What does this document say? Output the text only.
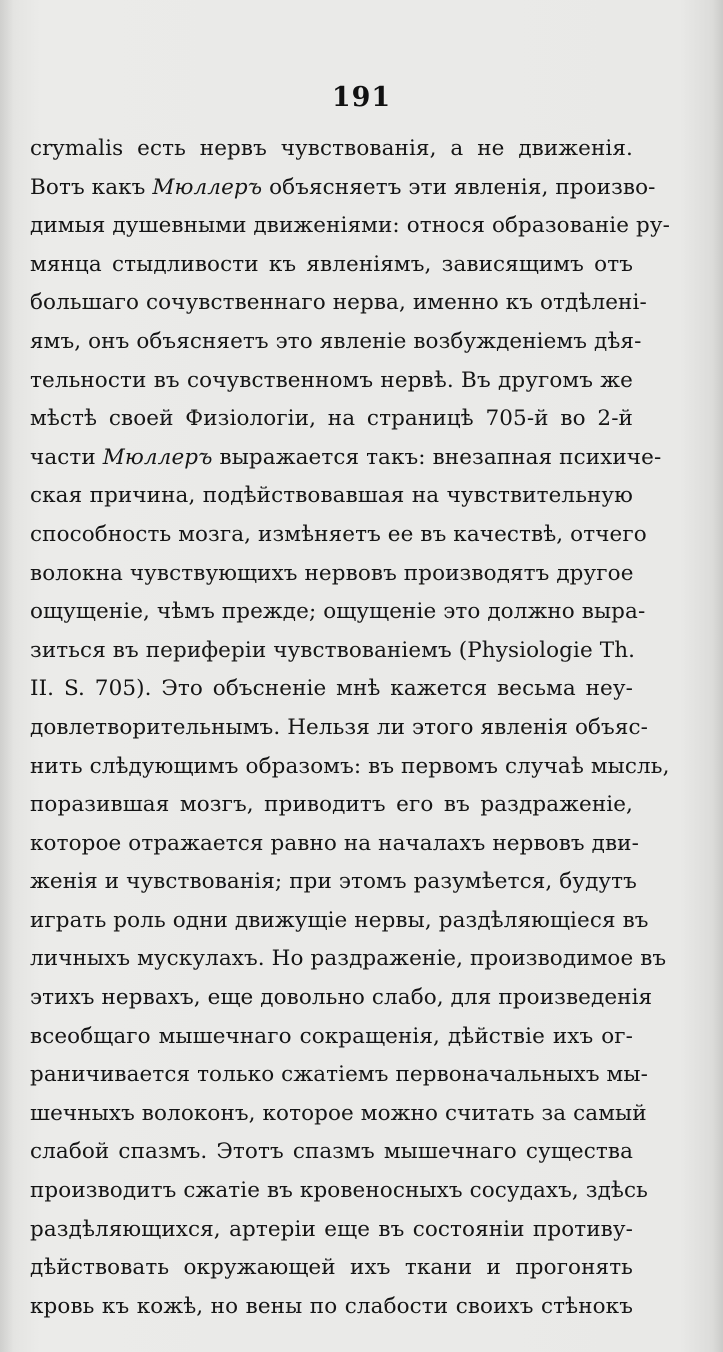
191
crymalis есть нервъ чувствованія, а не движенія.
Вотъ какъ Мюллеръ объясняетъ эти явленія, произво-
димыя душевными движеніями: относя образованіе ру-
мянца стыдливости къ явленіямъ, зависящимъ отъ
большаго сочувственнаго нерва, именно къ отдѣлені-
ямъ, онъ объясняетъ это явленіе возбужденіемъ дѣя-
тельности въ сочувственномъ нервѣ. Въ другомъ же
мѣстѣ своей Физіологіи, на страницѣ 705-й во 2-й
части Мюллеръ выражается такъ: внезапная психиче-
ская причина, подѣйствовавшая на чувствительную
способность мозга, измѣняетъ ее въ качествѣ, отчего
волокна чувствующихъ нервовъ производятъ другое
ощущеніе, чѣмъ прежде; ощущеніе это должно выра-
зиться въ периферіи чувствованіемъ (Physiologie Th.
II. S. 705). Это объсненіе мнѣ кажется весьма неу-
довлетворительнымъ. Нельзя ли этого явленія объяс-
нить слѣдующимъ образомъ: въ первомъ случаѣ мысль,
поразившая мозгъ, приводитъ его въ раздраженіе,
которое отражается равно на началахъ нервовъ дви-
женія и чувствованія; при этомъ разумѣется, будутъ
играть роль одни движущіе нервы, раздѣляющіеся въ
личныхъ мускулахъ. Но раздраженіе, производимое въ
этихъ нервахъ, еще довольно слабо, для произведенія
всеобщаго мышечнаго сокращенія, дѣйствіе ихъ ог-
раничивается только сжатіемъ первоначальныхъ мы-
шечныхъ волоконъ, которое можно считать за самый
слабой спазмъ. Этотъ спазмъ мышечнаго существа
производитъ сжатіе въ кровеносныхъ сосудахъ, здѣсь
раздѣляющихся, артеріи еще въ состояніи противу-
дѣйствовать окружающей ихъ ткани и прогонять
кровь къ кожѣ, но вены по слабости своихъ стѣнокъ
